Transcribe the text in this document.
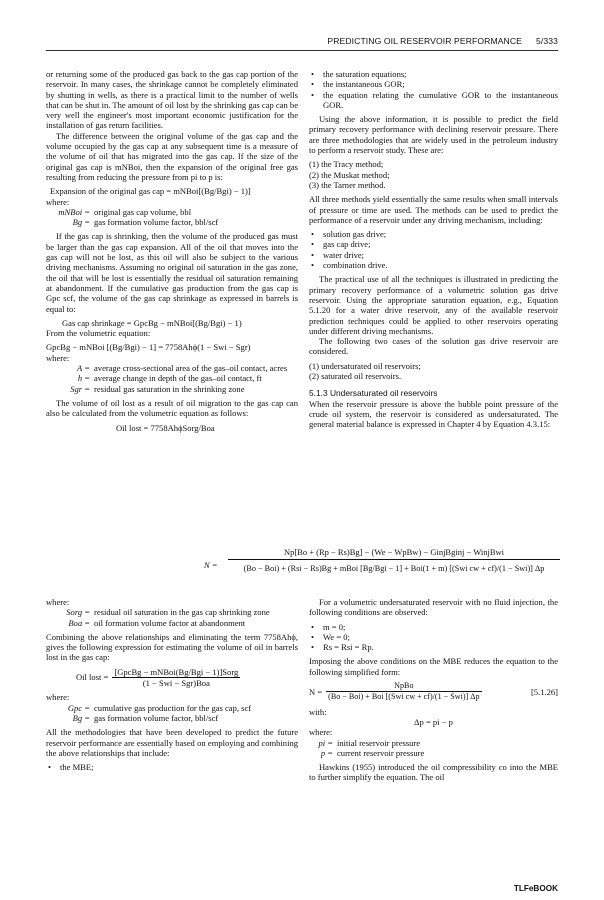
PREDICTING OIL RESERVOIR PERFORMANCE 5/333

or returning some of the produced gas back to the gas cap portion of the reservoir. In many cases, the shrinkage cannot be completely eliminated by shutting in wells, as there is a practical limit to the number of wells that can be shut in. The amount of oil lost by the shrinking gas cap can be very well the engineer's most important economic justification for the installation of gas return facilities.

The difference between the original volume of the gas cap and the volume occupied by the gas cap at any subsequent time is a measure of the volume of oil that has migrated into the gas cap. If the size of the original gas cap is mNBoi, then the expansion of the original free gas resulting from reducing the pressure from pi to p is:

Expansion of the original gas cap = mNBoi[(Bg/Bgi) − 1)]

where:

mNBoi = original gas cap volume, bbl
Bg = gas formation volume factor, bbl/scf

If the gas cap is shrinking, then the volume of the produced gas must be larger than the gas cap expansion. All of the oil that moves into the gas cap will not be lost, as this oil will also be subject to the various driving mechanisms. Assuming no original oil saturation in the gas zone, the oil that will be lost is essentially the residual oil saturation remaining at abandonment. If the cumulative gas production from the gas cap is Gpc scf, the volume of the gas cap shrinkage as expressed in barrels is equal to:

Gas cap shrinkage = GpcBg − mNBoi[(Bg/Bgi) − 1)

From the volumetric equation:

GpcBg − mNBoi [(Bg/Bgi) − 1] = 7758Ahϕ(1 − Swi − Sgr)

where:

A = average cross-sectional area of the gas–oil contact, acres
h = average change in depth of the gas–oil contact, ft
Sgr = residual gas saturation in the shrinking zone

The volume of oil lost as a result of oil migration to the gas cap can also be calculated from the volumetric equation as follows:

Oil lost = 7758AhϕSorg/Boa

• the saturation equations;
• the instantaneous GOR;
• the equation relating the cumulative GOR to the instantaneous GOR.

Using the above information, it is possible to predict the field primary recovery performance with declining reservoir pressure. There are three methodologies that are widely used in the petroleum industry to perform a reservoir study. These are:

(1) the Tracy method;
(2) the Muskat method;
(3) the Tarner method.

All three methods yield essentially the same results when small intervals of pressure or time are used. The methods can be used to predict the performance of a reservoir under any driving mechanism, including:

• solution gas drive;
• gas cap drive;
• water drive;
• combination drive.

The practical use of all the techniques is illustrated in predicting the primary recovery performance of a volumetric solution gas drive reservoir. Using the appropriate saturation equation, e.g., Equation 5.1.20 for a water drive reservoir, any of the available reservoir prediction techniques could be applied to other reservoirs operating under different driving mechanisms.

The following two cases of the solution gas drive reservoir are considered.

(1) undersaturated oil reservoirs;
(2) saturated oil reservoirs.

5.1.3 Undersaturated oil reservoirs

When the reservoir pressure is above the bubble point pressure of the crude oil system, the reservoir is considered as undersaturated. The general material balance is expressed in Chapter 4 by Equation 4.3.15:

N =
Np[Bo + (Rp − Rs)Bg] − (We − WpBw) − GinjBginj − WinjBwi
(Bo − Boi) + (Rsi − Rs)Bg + mBoi [Bg/Bgi − 1] + Boi(1 + m) [(Swi cw + cf)/(1 − Swi)] Δp

where:

Sorg = residual oil saturation in the gas cap shrinking zone
Boa = oil formation volume factor at abandonment

Combining the above relationships and eliminating the term 7758Ahϕ, gives the following expression for estimating the volume of oil in barrels lost in the gas cap:

Oil lost = $\frac{\text{[GpcBg − mNBoi(Bg/Bgi − 1)]Sorg}}{\text{(1 − Swi − Sgr)Boa}}$

where:

Gpc = cumulative gas production for the gas cap, scf
Bg = gas formation volume factor, bbl/scf

All the methodologies that have been developed to predict the future reservoir performance are essentially based on employing and combining the above relationships that include:

• the MBE;

For a volumetric undersaturated reservoir with no fluid injection, the following conditions are observed:

• m = 0;
• We = 0;
• Rs = Rsi = Rp.

Imposing the above conditions on the MBE reduces the equation to the following simplified form:

$N = \frac{\text{NpBo}}{\text{(Bo − Boi) + Boi [(Swi cw + cf)/(1 − Swi)] Δp}}$	[5.1.26]

with:

Δp = pi − p

where:

pi = initial reservoir pressure
p = current reservoir pressure

Hawkins (1955) introduced the oil compressibility co into the MBE to further simplify the equation. The oil

TLFeBOOK
